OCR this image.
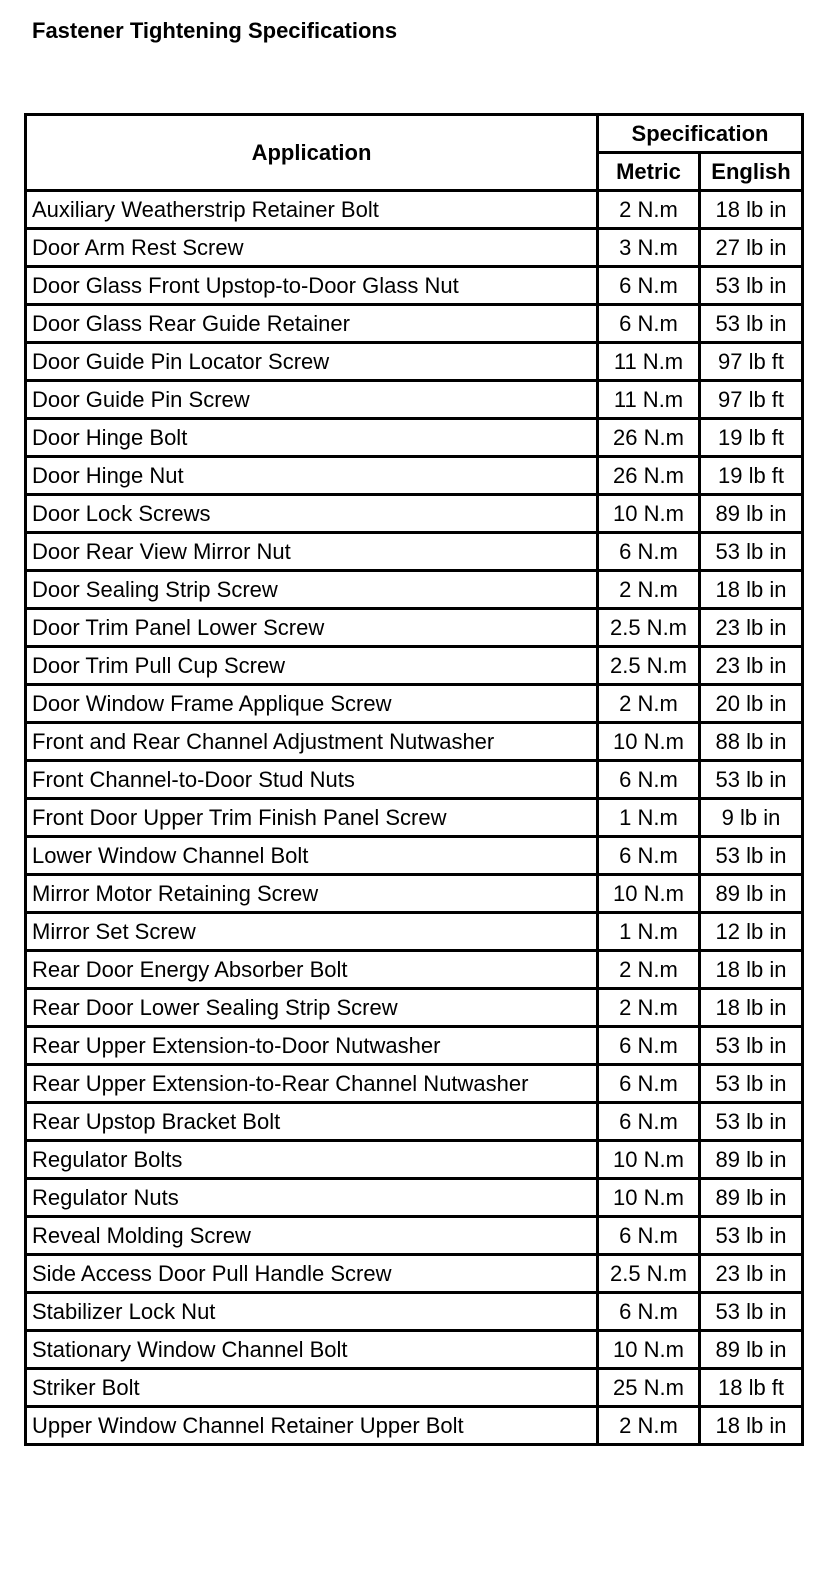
Fastener Tightening Specifications
Application	Specification	
	Metric	English
Auxiliary Weatherstrip Retainer Bolt	2 N.m	18 lb in
Door Arm Rest Screw	3 N.m	27 lb in
Door Glass Front Upstop-to-Door Glass Nut	6 N.m	53 lb in
Door Glass Rear Guide Retainer	6 N.m	53 lb in
Door Guide Pin Locator Screw	11 N.m	97 lb ft
Door Guide Pin Screw	11 N.m	97 lb ft
Door Hinge Bolt	26 N.m	19 lb ft
Door Hinge Nut	26 N.m	19 lb ft
Door Lock Screws	10 N.m	89 lb in
Door Rear View Mirror Nut	6 N.m	53 lb in
Door Sealing Strip Screw	2 N.m	18 lb in
Door Trim Panel Lower Screw	2.5 N.m	23 lb in
Door Trim Pull Cup Screw	2.5 N.m	23 lb in
Door Window Frame Applique Screw	2 N.m	20 lb in
Front and Rear Channel Adjustment Nutwasher	10 N.m	88 lb in
Front Channel-to-Door Stud Nuts	6 N.m	53 lb in
Front Door Upper Trim Finish Panel Screw	1 N.m	9 lb in
Lower Window Channel Bolt	6 N.m	53 lb in
Mirror Motor Retaining Screw	10 N.m	89 lb in
Mirror Set Screw	1 N.m	12 lb in
Rear Door Energy Absorber Bolt	2 N.m	18 lb in
Rear Door Lower Sealing Strip Screw	2 N.m	18 lb in
Rear Upper Extension-to-Door Nutwasher	6 N.m	53 lb in
Rear Upper Extension-to-Rear Channel Nutwasher	6 N.m	53 lb in
Rear Upstop Bracket Bolt	6 N.m	53 lb in
Regulator Bolts	10 N.m	89 lb in
Regulator Nuts	10 N.m	89 lb in
Reveal Molding Screw	6 N.m	53 lb in
Side Access Door Pull Handle Screw	2.5 N.m	23 lb in
Stabilizer Lock Nut	6 N.m	53 lb in
Stationary Window Channel Bolt	10 N.m	89 lb in
Striker Bolt	25 N.m	18 lb ft
Upper Window Channel Retainer Upper Bolt	2 N.m	18 lb in
